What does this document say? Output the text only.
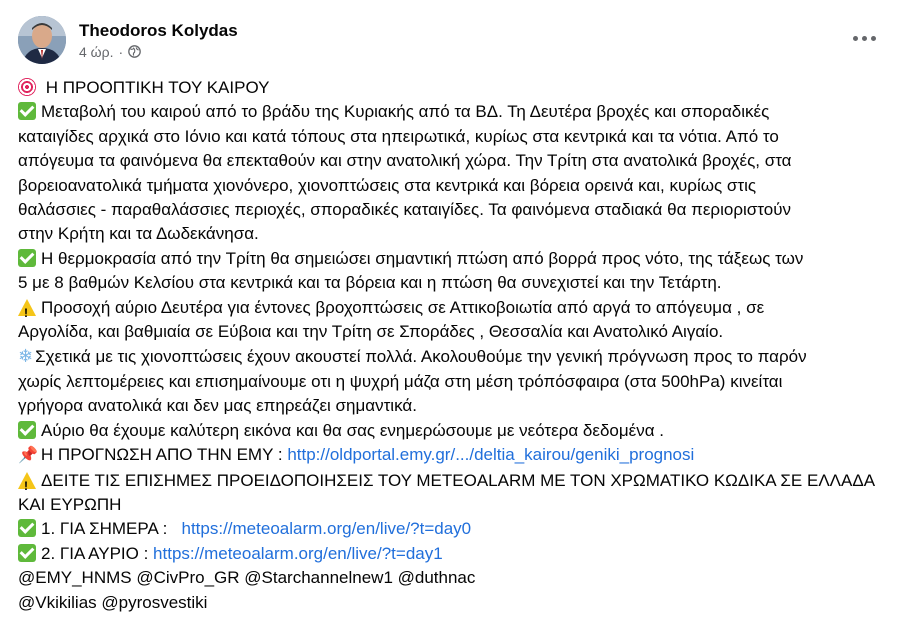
Theodoros Kolydas
4 ώρ. ·
Η ΠΡΟΟΠΤΙΚΗ ΤΟΥ ΚΑΙΡΟΥ
Μεταβολή του καιρού από το βράδυ της Κυριακής από τα ΒΔ. Τη Δευτέρα βροχές και σποραδικές
καταιγίδες αρχικά στο Ιόνιο και κατά τόπους στα ηπειρωτικά, κυρίως στα κεντρικά και τα νότια. Από το
απόγευμα τα φαινόμενα θα επεκταθούν και στην ανατολική χώρα. Την Τρίτη στα ανατολικά βροχές, στα
βορειοανατολικά τμήματα χιονόνερο, χιονοπτώσεις στα κεντρικά και βόρεια ορεινά και, κυρίως στις
θαλάσσιες - παραθαλάσσιες περιοχές, σποραδικές καταιγίδες. Τα φαινόμενα σταδιακά θα περιοριστούν
στην Κρήτη και τα Δωδεκάνησα.
Η θερμοκρασία από την Τρίτη θα σημειώσει σημαντική πτώση από βορρά προς νότο, της τάξεως των
5 με 8 βαθμών Κελσίου στα κεντρικά και τα βόρεια και η πτώση θα συνεχιστεί και την Τετάρτη.
!Προσοχή αύριο Δευτέρα για έντονες βροχοπτώσεις σε Αττικοβοιωτία από αργά το απόγευμα , σε
Αργολίδα, και βαθμιαία σε Εύβοια και την Τρίτη σε Σποράδες , Θεσσαλία και Ανατολικό Αιγαίο.
❄ Σχετικά με τις χιονοπτώσεις έχουν ακουστεί πολλά. Ακολουθούμε την γενική πρόγνωση προς το παρόν
χωρίς λεπτομέρειες και επισημαίνουμε οτι η ψυχρή μάζα στη μέση τρόπόσφαιρα (στα 500hPa) κινείται
γρήγορα ανατολικά και δεν μας επηρεάζει σημαντικά.
Αύριο θα έχουμε καλύτερη εικόνα και θα σας ενημερώσουμε με νεότερα δεδομένα .
📌 Η ΠΡΟΓΝΩΣΗ ΑΠΟ ΤΗΝ ΕΜΥ : http://oldportal.emy.gr/.../deltia_kairou/geniki_prognosi
!ΔΕΙΤΕ ΤΙΣ ΕΠΙΣΗΜΕΣ ΠΡΟΕΙΔΟΠΟΙΗΣΕΙΣ ΤΟΥ METEOALARM ΜΕ ΤΟΝ ΧΡΩΜΑΤΙΚΟ ΚΩΔΙΚΑ ΣΕ ΕΛΛΑΔΑ
ΚΑΙ ΕΥΡΩΠΗ
1. ΓΙΑ ΣΗΜΕΡΑ :   https://meteoalarm.org/en/live/?t=day0
2. ΓΙΑ ΑΥΡΙΟ : https://meteoalarm.org/en/live/?t=day1
@EMY_HNMS @CivPro_GR @Starchannelnew1 @duthnac
@Vkikilias @pyrosvestiki
